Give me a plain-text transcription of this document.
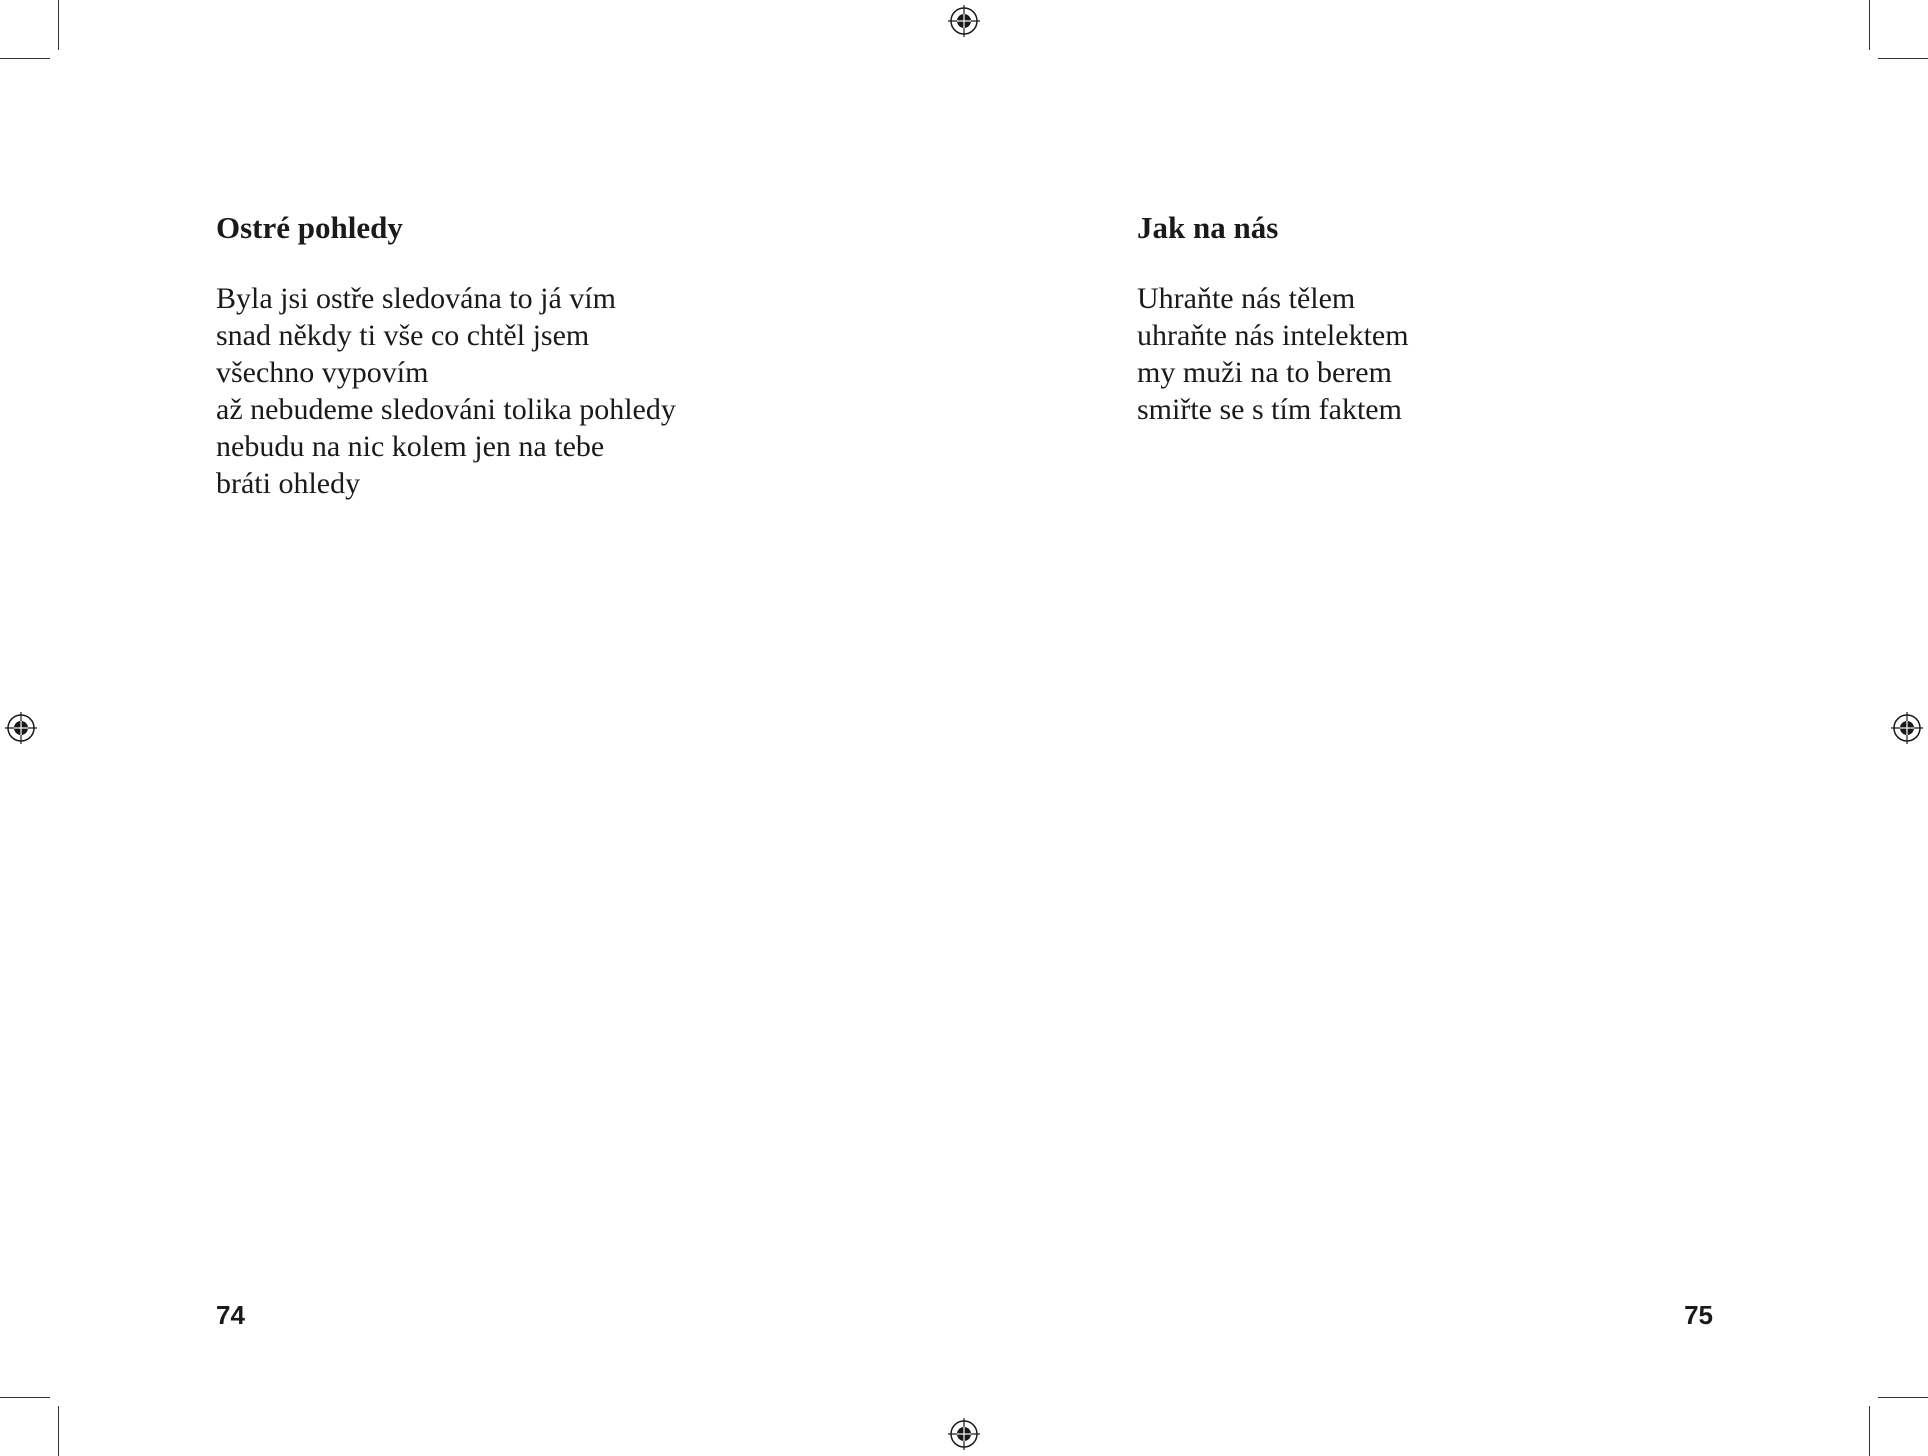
Ostré pohledy
Byla jsi ostře sledována to já vím
snad někdy ti vše co chtěl jsem
všechno vypovím
až nebudeme sledováni tolika pohledy
nebudu na nic kolem jen na tebe
bráti ohledy
74
Jak na nás
Uhraňte nás tělem
uhraňte nás intelektem
my muži na to berem
smiřte se s tím faktem
75
